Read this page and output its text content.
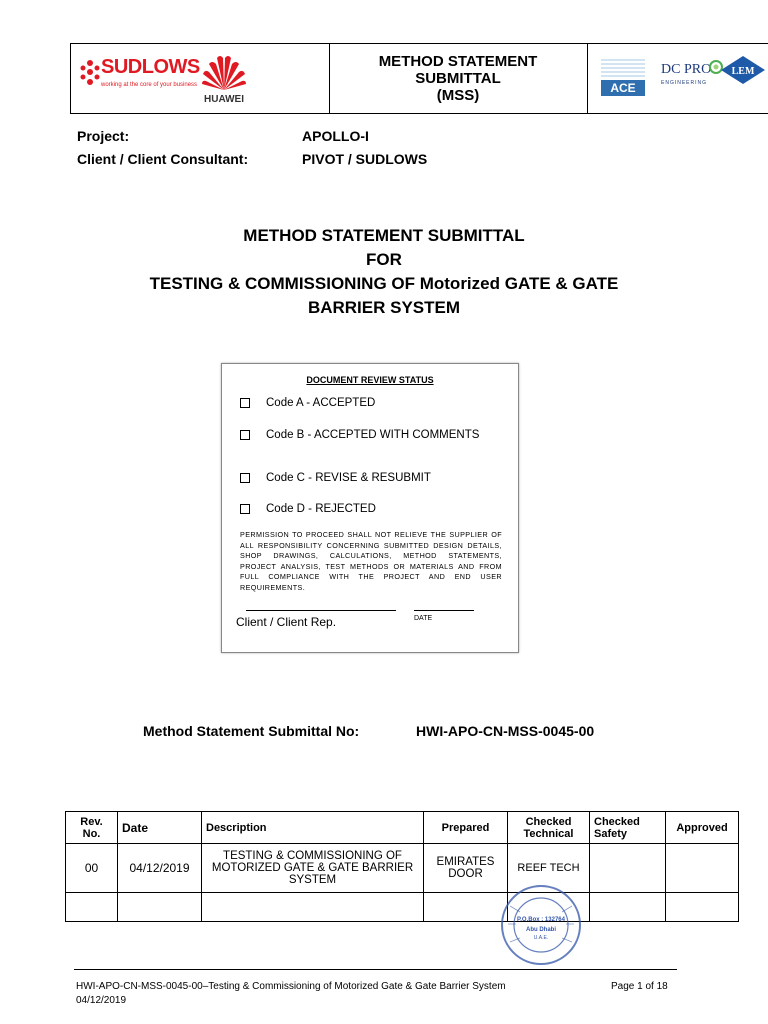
SUDLOWS
working at the core of your business
HUAWEI
METHOD STATEMENT
SUBMITTAL
(MSS)	ACE
DC PRO
ENGINEERING
LEM
Project:	APOLLO-I
Client / Client Consultant:	PIVOT / SUDLOWS
METHOD STATEMENT SUBMITTAL
FOR
TESTING & COMMISSIONING OF Motorized GATE & GATE
BARRIER SYSTEM
DOCUMENT REVIEW STATUS
Code A - ACCEPTED
Code B - ACCEPTED WITH COMMENTS
Code C - REVISE & RESUBMIT
Code D - REJECTED
PERMISSION TO PROCEED SHALL NOT RELIEVE THE SUPPLIER OF ALL RESPONSIBILITY CONCERNING SUBMITTED DESIGN DETAILS, SHOP DRAWINGS, CALCULATIONS, METHOD STATEMENTS, PROJECT ANALYSIS, TEST METHODS OR MATERIALS AND FROM FULL COMPLIANCE WITH THE PROJECT AND END USER REQUIREMENTS.
Client / Client Rep.	DATE
Method Statement Submittal No:	HWI-APO-CN-MSS-0045-00
Rev. No.	Date	Description	Prepared	Checked Technical	Checked Safety	Approved
00	04/12/2019	TESTING & COMMISSIONING OF MOTORIZED GATE & GATE BARRIER SYSTEM	EMIRATES DOOR	REEF TECH		

P.O.Box : 132764
Abu Dhabi
U.A.E.
HWI-APO-CN-MSS-0045-00–Testing & Commissioning of Motorized Gate & Gate Barrier System
04/12/2019
Page 1 of 18
